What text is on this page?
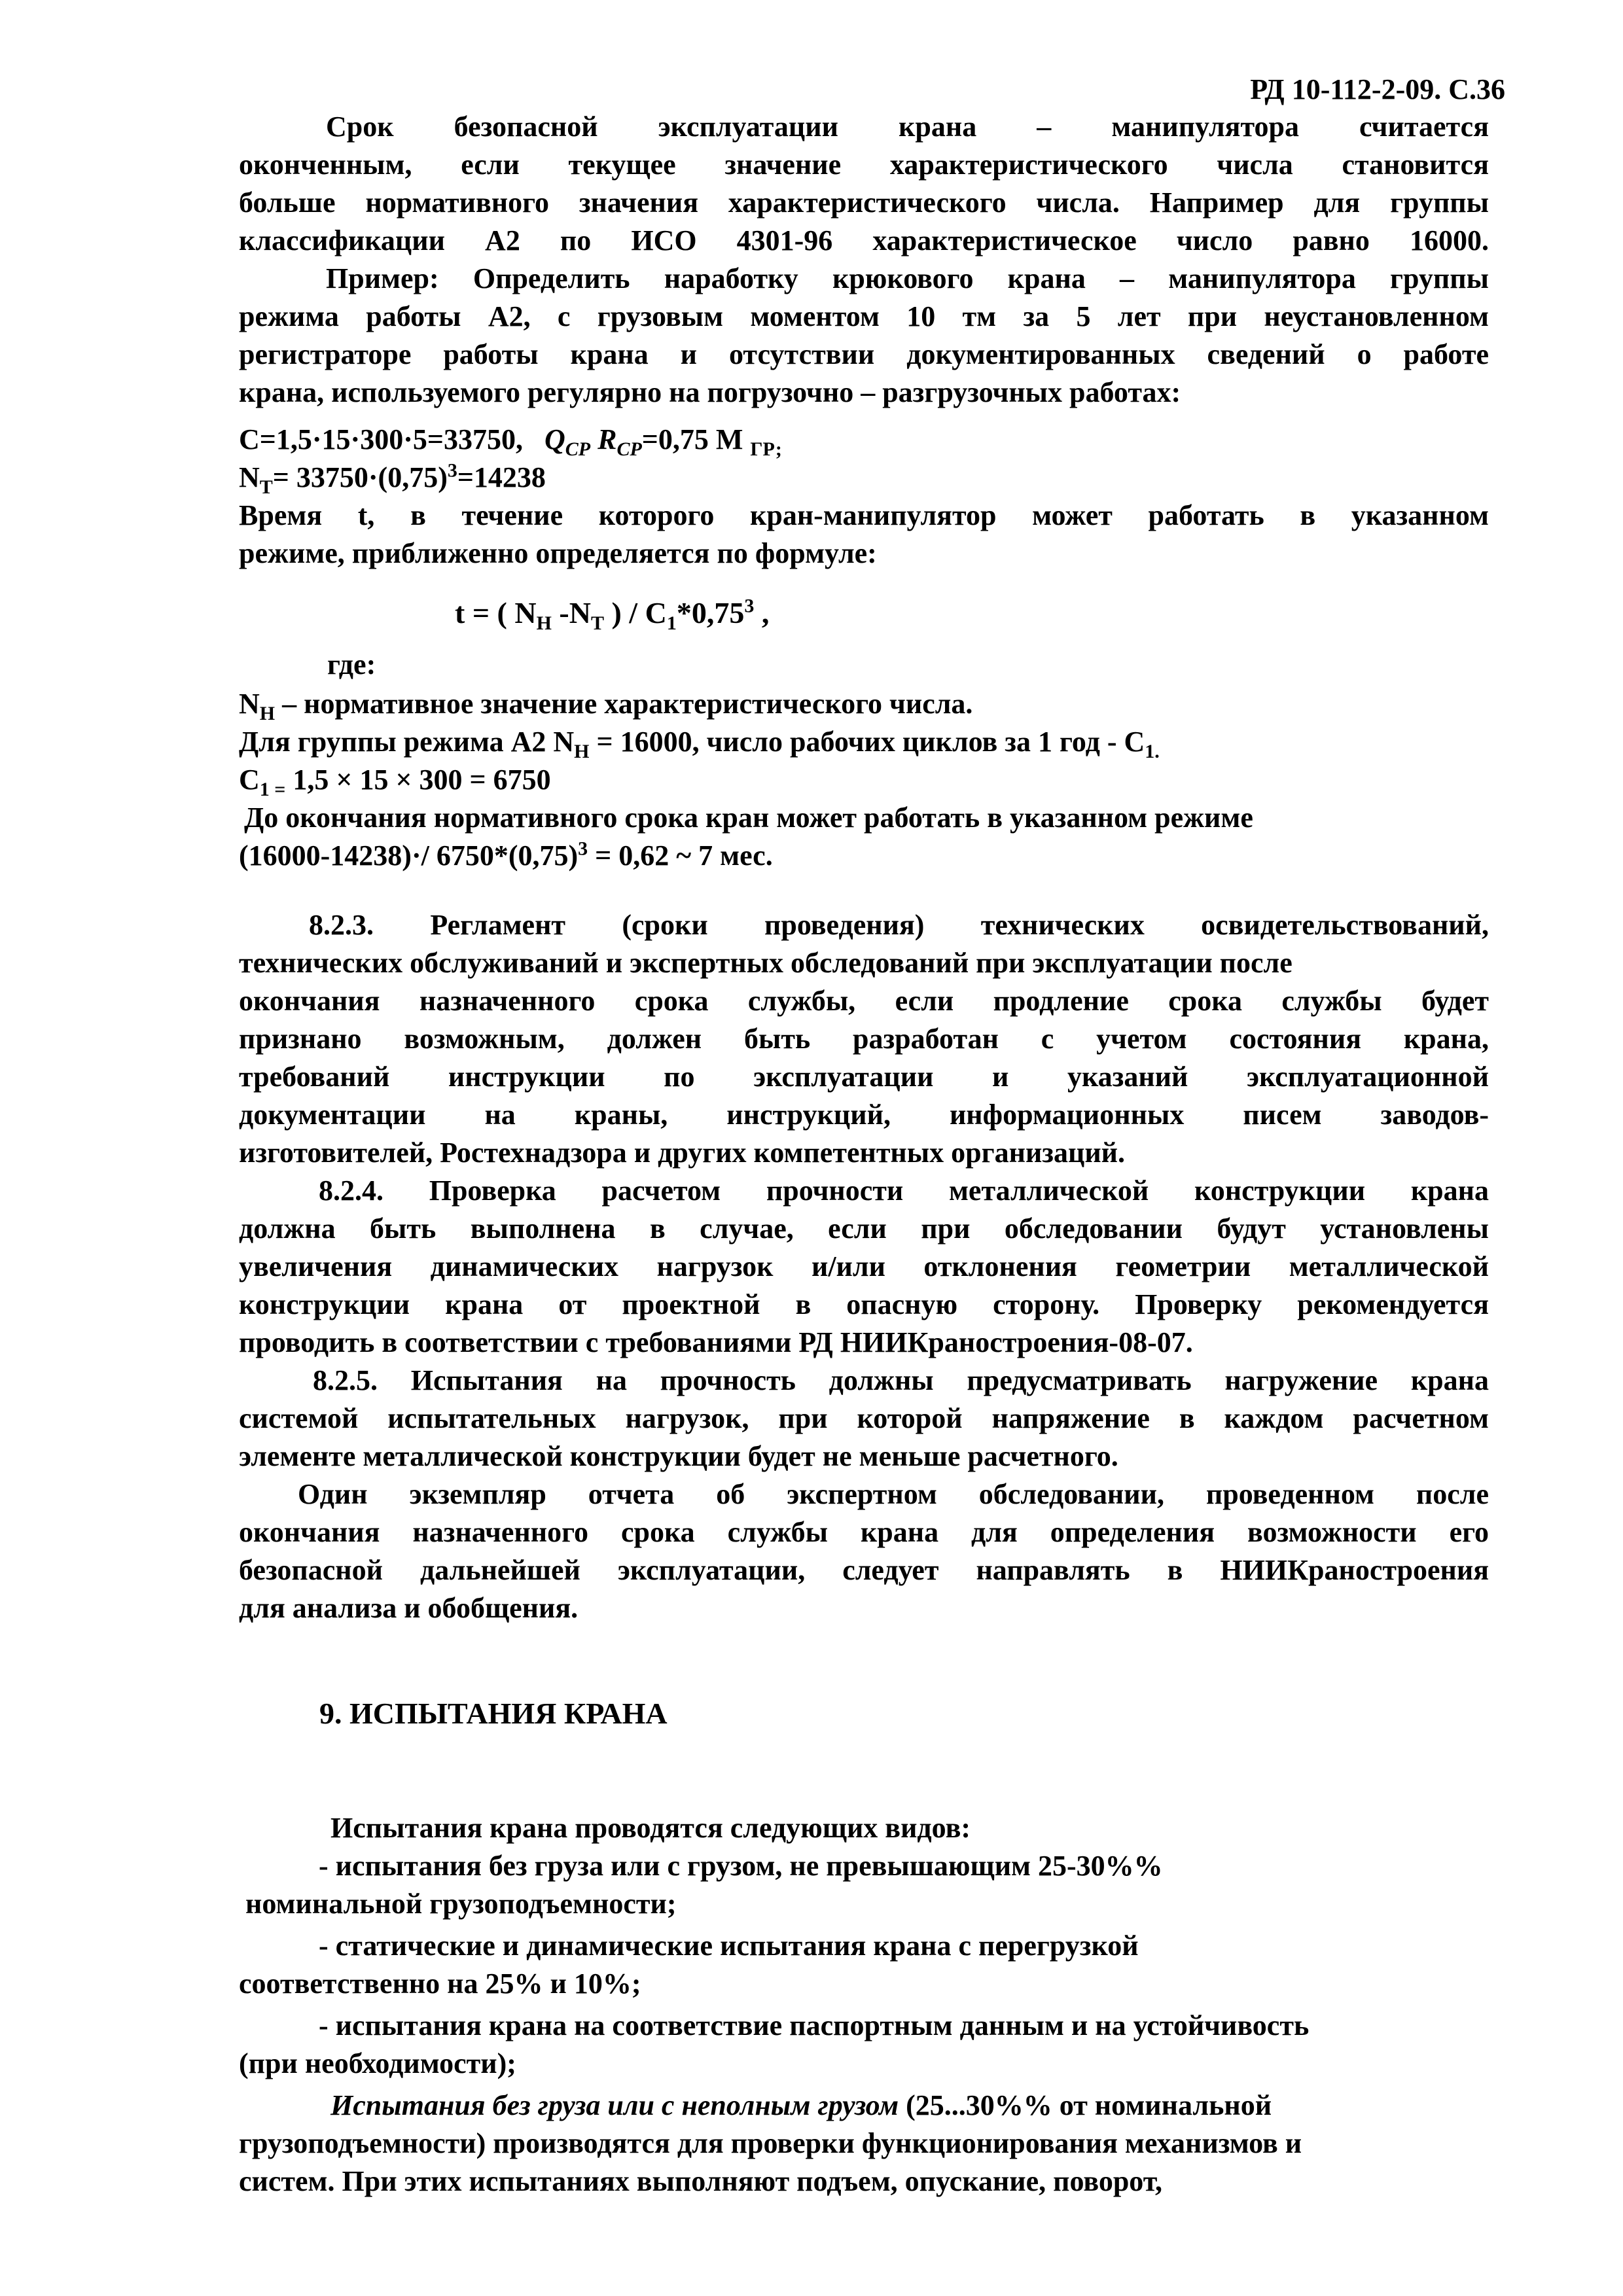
РД 10-112-2-09. С.36
Срок безопасной эксплуатации крана – манипулятора считается
оконченным, если текущее значение характеристического числа становится
больше нормативного значения характеристического числа. Например для группы
классификации А2 по ИСО 4301-96 характеристическое число равно 16000.
Пример: Определить наработку крюкового крана – манипулятора группы
режима работы А2, с грузовым моментом 10 тм за 5 лет при неустановленном
регистраторе работы крана и отсутствии документированных сведений о работе
крана, используемого регулярно на погрузочно – разгрузочных работах:
C=1,5·15·300·5=33750, $Q_{CP}$ $R_{CP}=0,75$ М $_{ГР;}$
$N_T= 33750\cdot(0,75)^3=14238$
Время t, в течение которого кран-манипулятор может работать в указанном
режиме, приближенно определяется по формуле:
t = ( $N_H$ $-N_T$ ) / $C_1*0,75^3$ ,
где:
$N_H$ – нормативное значение характеристического числа.
Для группы режима А2 $N_H = 16000$, число рабочих циклов за 1 год - $С_{1.}$
$С_{1 =}$ 1,5 × 15 × 300 = 6750
До окончания нормативного срока кран может работать в указанном режиме
(16000-14238)·/ $6750*(0,75)^3 = 0,62$ ~ 7 мес.
8.2.3. Регламент (сроки проведения) технических освидетельствований,
технических обслуживаний и экспертных обследований при эксплуатации после
окончания назначенного срока службы, если продление срока службы будет
признано возможным, должен быть разработан с учетом состояния крана,
требований инструкции по эксплуатации и указаний эксплуатационной
документации на краны, инструкций, информационных писем заводов-
изготовителей, Ростехнадзора и других компетентных организаций.
8.2.4. Проверка расчетом прочности металлической конструкции крана
должна быть выполнена в случае, если при обследовании будут установлены
увеличения динамических нагрузок и/или отклонения геометрии металлической
конструкции крана от проектной в опасную сторону. Проверку рекомендуется
проводить в соответствии с требованиями РД НИИКраностроения-08-07.
8.2.5. Испытания на прочность должны предусматривать нагружение крана
системой испытательных нагрузок, при которой напряжение в каждом расчетном
элементе металлической конструкции будет не меньше расчетного.
Один экземпляр отчета об экспертном обследовании, проведенном после
окончания назначенного срока службы крана для определения возможности его
безопасной дальнейшей эксплуатации, следует направлять в НИИКраностроения
для анализа и обобщения.
9. ИСПЫТАНИЯ КРАНА
Испытания крана проводятся следующих видов:
- испытания без груза или с грузом, не превышающим 25-30%%
номинальной грузоподъемности;
- статические и динамические испытания крана с перегрузкой
соответственно на 25% и 10%;
- испытания крана на соответствие паспортным данным и на устойчивость
(при необходимости);
Испытания без груза или с неполным грузом (25...30%% от номинальной
грузоподъемности) производятся для проверки функционирования механизмов и
систем. При этих испытаниях выполняют подъем, опускание, поворот,
